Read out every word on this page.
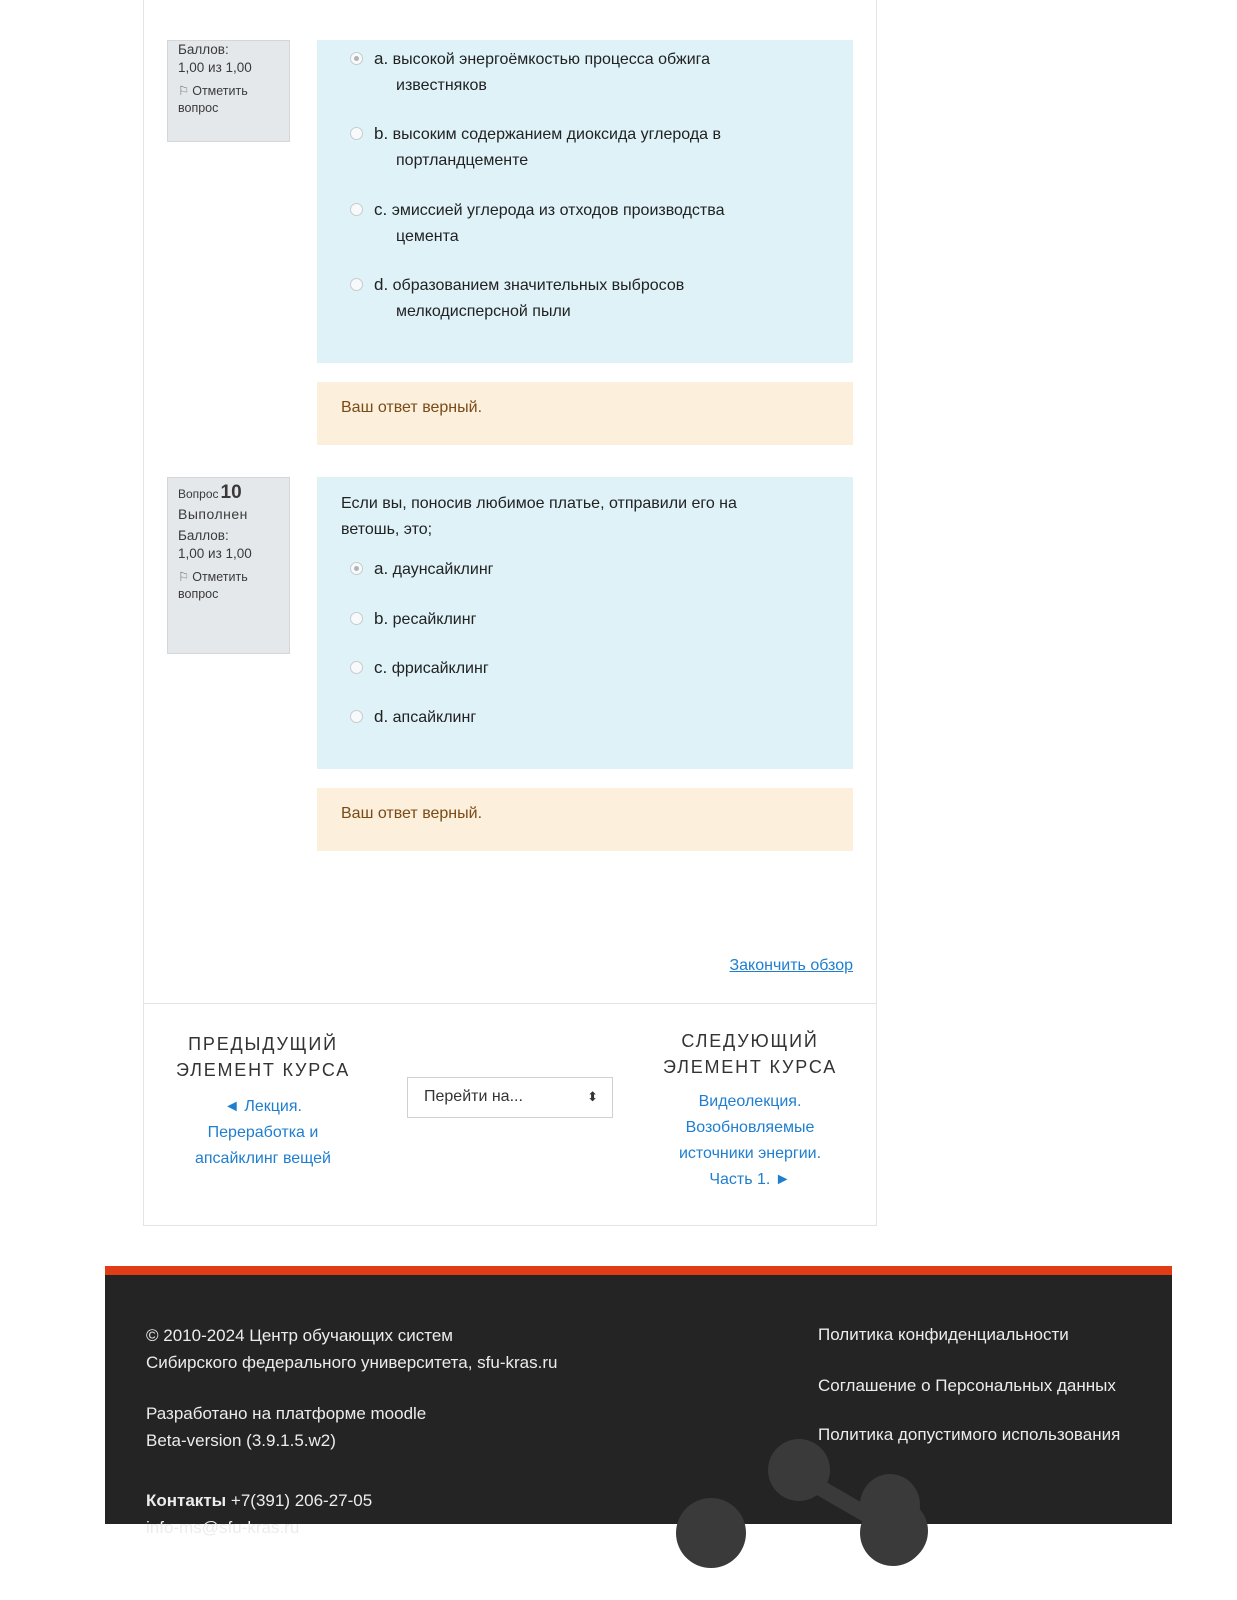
Баллов:
1,00 из 1,00
⚐ Отметить
вопрос
a. высокой энергоёмкостью процесса обжига
известняков
b. высоким содержанием диоксида углерода в
портландцементе
c. эмиссией углерода из отходов производства
цемента
d. образованием значительных выбросов
мелкодисперсной пыли
Ваш ответ верный.
Вопрос 10
Выполнен
Баллов:
1,00 из 1,00
⚐ Отметить
вопрос
Если вы, поносив любимое платье, отправили его на
ветошь, это;
a. даунсайклинг
b. ресайклинг
c. фрисайклинг
d. апсайклинг
Ваш ответ верный.
Закончить обзор
ПРЕДЫДУЩИЙ
ЭЛЕМЕНТ КУРСА
◄ Лекция.
Переработка и
апсайклинг вещей
Перейти на...	⬍
СЛЕДУЮЩИЙ
ЭЛЕМЕНТ КУРСА
Видеолекция.
Возобновляемые
источники энергии.
Часть 1. ►
© 2010-2024 Центр обучающих систем
Сибирского федерального университета, sfu-kras.ru
Разработано на платформе moodle
Beta-version (3.9.1.5.w2)
Контакты +7(391) 206-27-05
info-ms@sfu-kras.ru
Политика конфиденциальности
Соглашение о Персональных данных
Политика допустимого использования
